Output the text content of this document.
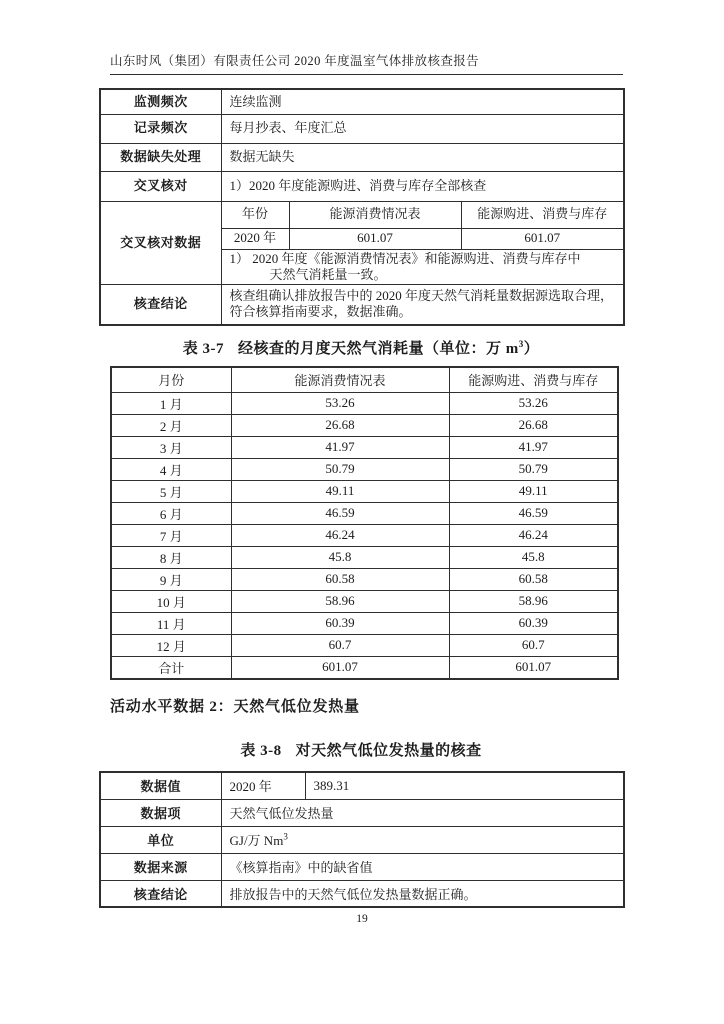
山东时风（集团）有限责任公司 2020 年度温室气体排放核查报告
监测频次	连续监测		
记录频次	每月抄表、年度汇总		
数据缺失处理	数据无缺失		
交叉核对	1）2020 年度能源购进、消费与库存全部核查		
交叉核对数据	年份	能源消费情况表	能源购进、消费与库存
	2020 年	601.07	601.07

	1） 2020 年度《能源消费情况表》和能源购进、消费与库存中
天然气消耗量一致。		

核查结论	核查组确认排放报告中的 2020 年度天然气消耗量数据源选取合理，符合核算指南要求，数据准确。		
表 3-7 经核查的月度天然气消耗量（单位：万 $m^3$）
月份	能源消费情况表	能源购进、消费与库存
1 月	53.26	53.26
2 月	26.68	26.68
3 月	41.97	41.97
4 月	50.79	50.79
5 月	49.11	49.11
6 月	46.59	46.59
7 月	46.24	46.24
8 月	45.8	45.8
9 月	60.58	60.58
10 月	58.96	58.96
11 月	60.39	60.39
12 月	60.7	60.7
合计	601.07	601.07
活动水平数据 2：天然气低位发热量
表 3-8 对天然气低位发热量的核查
数据值	2020 年	389.31
数据项	天然气低位发热量	
单位	GJ/万 Nm$^3$
数据来源	《核算指南》中的缺省值	
核查结论	排放报告中的天然气低位发热量数据正确。	
19
